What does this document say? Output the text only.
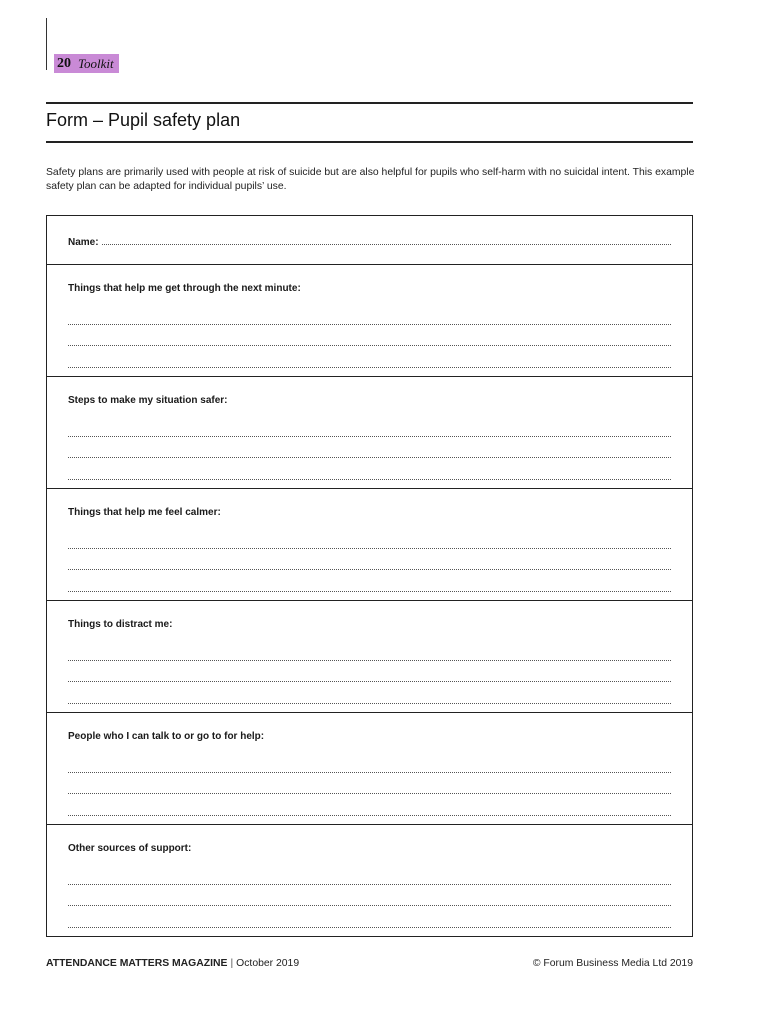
20 Toolkit
Form – Pupil safety plan

Safety plans are primarily used with people at risk of suicide but are also helpful for pupils who self-harm with no suicidal intent. This example safety plan can be adapted for individual pupils’ use.

Name:

Things that help me get through the next minute:

Steps to make my situation safer:

Things that help me feel calmer:

Things to distract me:

People who I can talk to or go to for help:

Other sources of support:

ATTENDANCE MATTERS MAGAZINE | October 2019	© Forum Business Media Ltd 2019
